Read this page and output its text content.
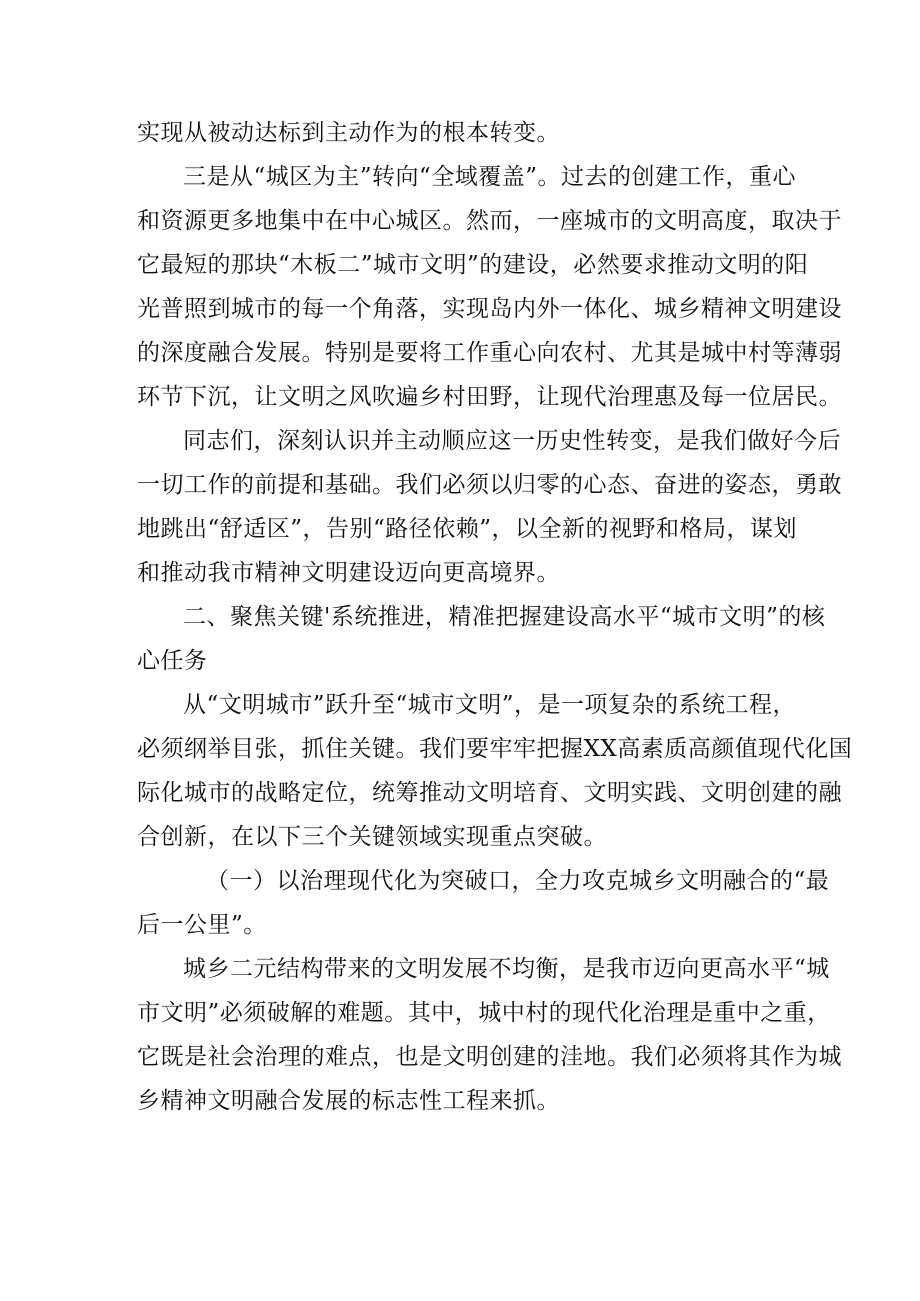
实现从被动达标到主动作为的根本转变。
三是从“城区为主”转向“全域覆盖”。过去的创建工作，重心
和资源更多地集中在中心城区。然而，一座城市的文明高度，取决于
它最短的那块“木板二”城市文明”的建设，必然要求推动文明的阳
光普照到城市的每一个角落，实现岛内外一体化、城乡精神文明建设
的深度融合发展。特别是要将工作重心向农村、尤其是城中村等薄弱
环节下沉，让文明之风吹遍乡村田野，让现代治理惠及每一位居民。
同志们，深刻认识并主动顺应这一历史性转变，是我们做好今后
一切工作的前提和基础。我们必须以归零的心态、奋进的姿态，勇敢
地跳出“舒适区”，告别“路径依赖”，以全新的视野和格局，谋划
和推动我市精神文明建设迈向更高境界。
二、聚焦关键'系统推进，精准把握建设高水平“城市文明”的核
心任务
从“文明城市”跃升至“城市文明”，是一项复杂的系统工程，
必须纲举目张，抓住关键。我们要牢牢把握XX高素质高颜值现代化国
际化城市的战略定位，统筹推动文明培育、文明实践、文明创建的融
合创新，在以下三个关键领域实现重点突破。
（一）以治理现代化为突破口，全力攻克城乡文明融合的“最
后一公里”。
城乡二元结构带来的文明发展不均衡，是我市迈向更高水平“城
市文明”必须破解的难题。其中，城中村的现代化治理是重中之重，
它既是社会治理的难点，也是文明创建的洼地。我们必须将其作为城
乡精神文明融合发展的标志性工程来抓。
